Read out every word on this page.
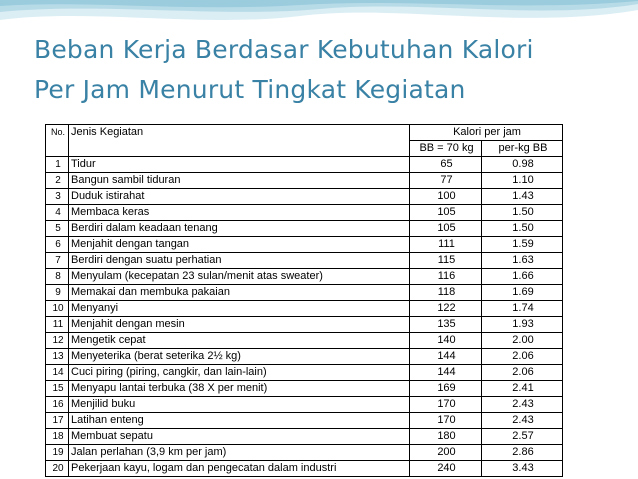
Beban Kerja Berdasar Kebutuhan Kalori
Per Jam Menurut Tingkat Kegiatan
No.	Jenis Kegiatan	Kalori per jam	
		BB = 70 kg	per-kg BB
1	Tidur	65	0.98
2	Bangun sambil tiduran	77	1.10
3	Duduk istirahat	100	1.43
4	Membaca keras	105	1.50
5	Berdiri dalam keadaan tenang	105	1.50
6	Menjahit dengan tangan	111	1.59
7	Berdiri dengan suatu perhatian	115	1.63
8	Menyulam (kecepatan 23 sulan/menit atas sweater)	116	1.66
9	Memakai dan membuka pakaian	118	1.69
10	Menyanyi	122	1.74
11	Menjahit dengan mesin	135	1.93
12	Mengetik cepat	140	2.00
13	Menyeterika (berat seterika 2½ kg)	144	2.06
14	Cuci piring (piring, cangkir, dan lain-lain)	144	2.06
15	Menyapu lantai terbuka (38 X per menit)	169	2.41
16	Menjilid buku	170	2.43
17	Latihan enteng	170	2.43
18	Membuat sepatu	180	2.57
19	Jalan perlahan (3,9 km per jam)	200	2.86
20	Pekerjaan kayu, logam dan pengecatan dalam industri	240	3.43
